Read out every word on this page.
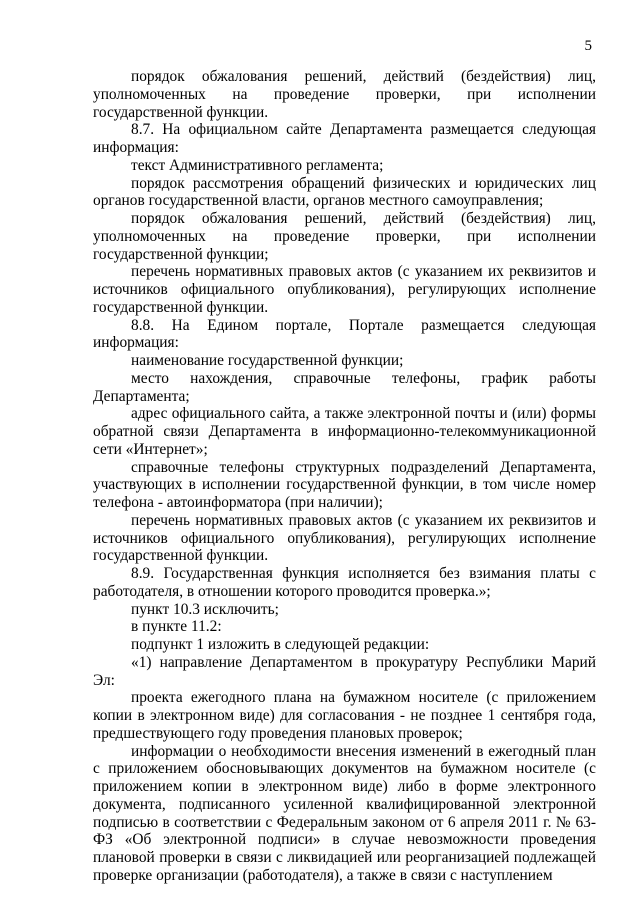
5

порядок обжалования решений, действий (бездействия) лиц, уполномоченных на проведение проверки, при исполнении государственной функции.

8.7. На официальном сайте Департамента размещается следующая информация:

текст Административного регламента;

порядок рассмотрения обращений физических и юридических лиц органов государственной власти, органов местного самоуправления;

порядок обжалования решений, действий (бездействия) лиц, уполномоченных на проведение проверки, при исполнении государственной функции;

перечень нормативных правовых актов (с указанием их реквизитов и источников официального опубликования), регулирующих исполнение государственной функции.

8.8. На Едином портале, Портале размещается следующая информация:

наименование государственной функции;

место нахождения, справочные телефоны, график работы Департамента;

адрес официального сайта, а также электронной почты и (или) формы обратной связи Департамента в информационно-телекоммуникационной сети «Интернет»;

справочные телефоны структурных подразделений Департамента, участвующих в исполнении государственной функции, в том числе номер телефона - автоинформатора (при наличии);

перечень нормативных правовых актов (с указанием их реквизитов и источников официального опубликования), регулирующих исполнение государственной функции.

8.9. Государственная функция исполняется без взимания платы с работодателя, в отношении которого проводится проверка.»;

пункт 10.3 исключить;

в пункте 11.2:

подпункт 1 изложить в следующей редакции:

«1) направление Департаментом в прокуратуру Республики Марий Эл:

проекта ежегодного плана на бумажном носителе (с приложением копии в электронном виде) для согласования - не позднее 1 сентября года, предшествующего году проведения плановых проверок;

информации о необходимости внесения изменений в ежегодный план с приложением обосновывающих документов на бумажном носителе (с приложением копии в электронном виде) либо в форме электронного документа, подписанного усиленной квалифицированной электронной подписью в соответствии с Федеральным законом от 6 апреля 2011 г. № 63-ФЗ «Об электронной подписи» в случае невозможности проведения плановой проверки в связи с ликвидацией или реорганизацией подлежащей проверке организации (работодателя), а также в связи с наступлением
